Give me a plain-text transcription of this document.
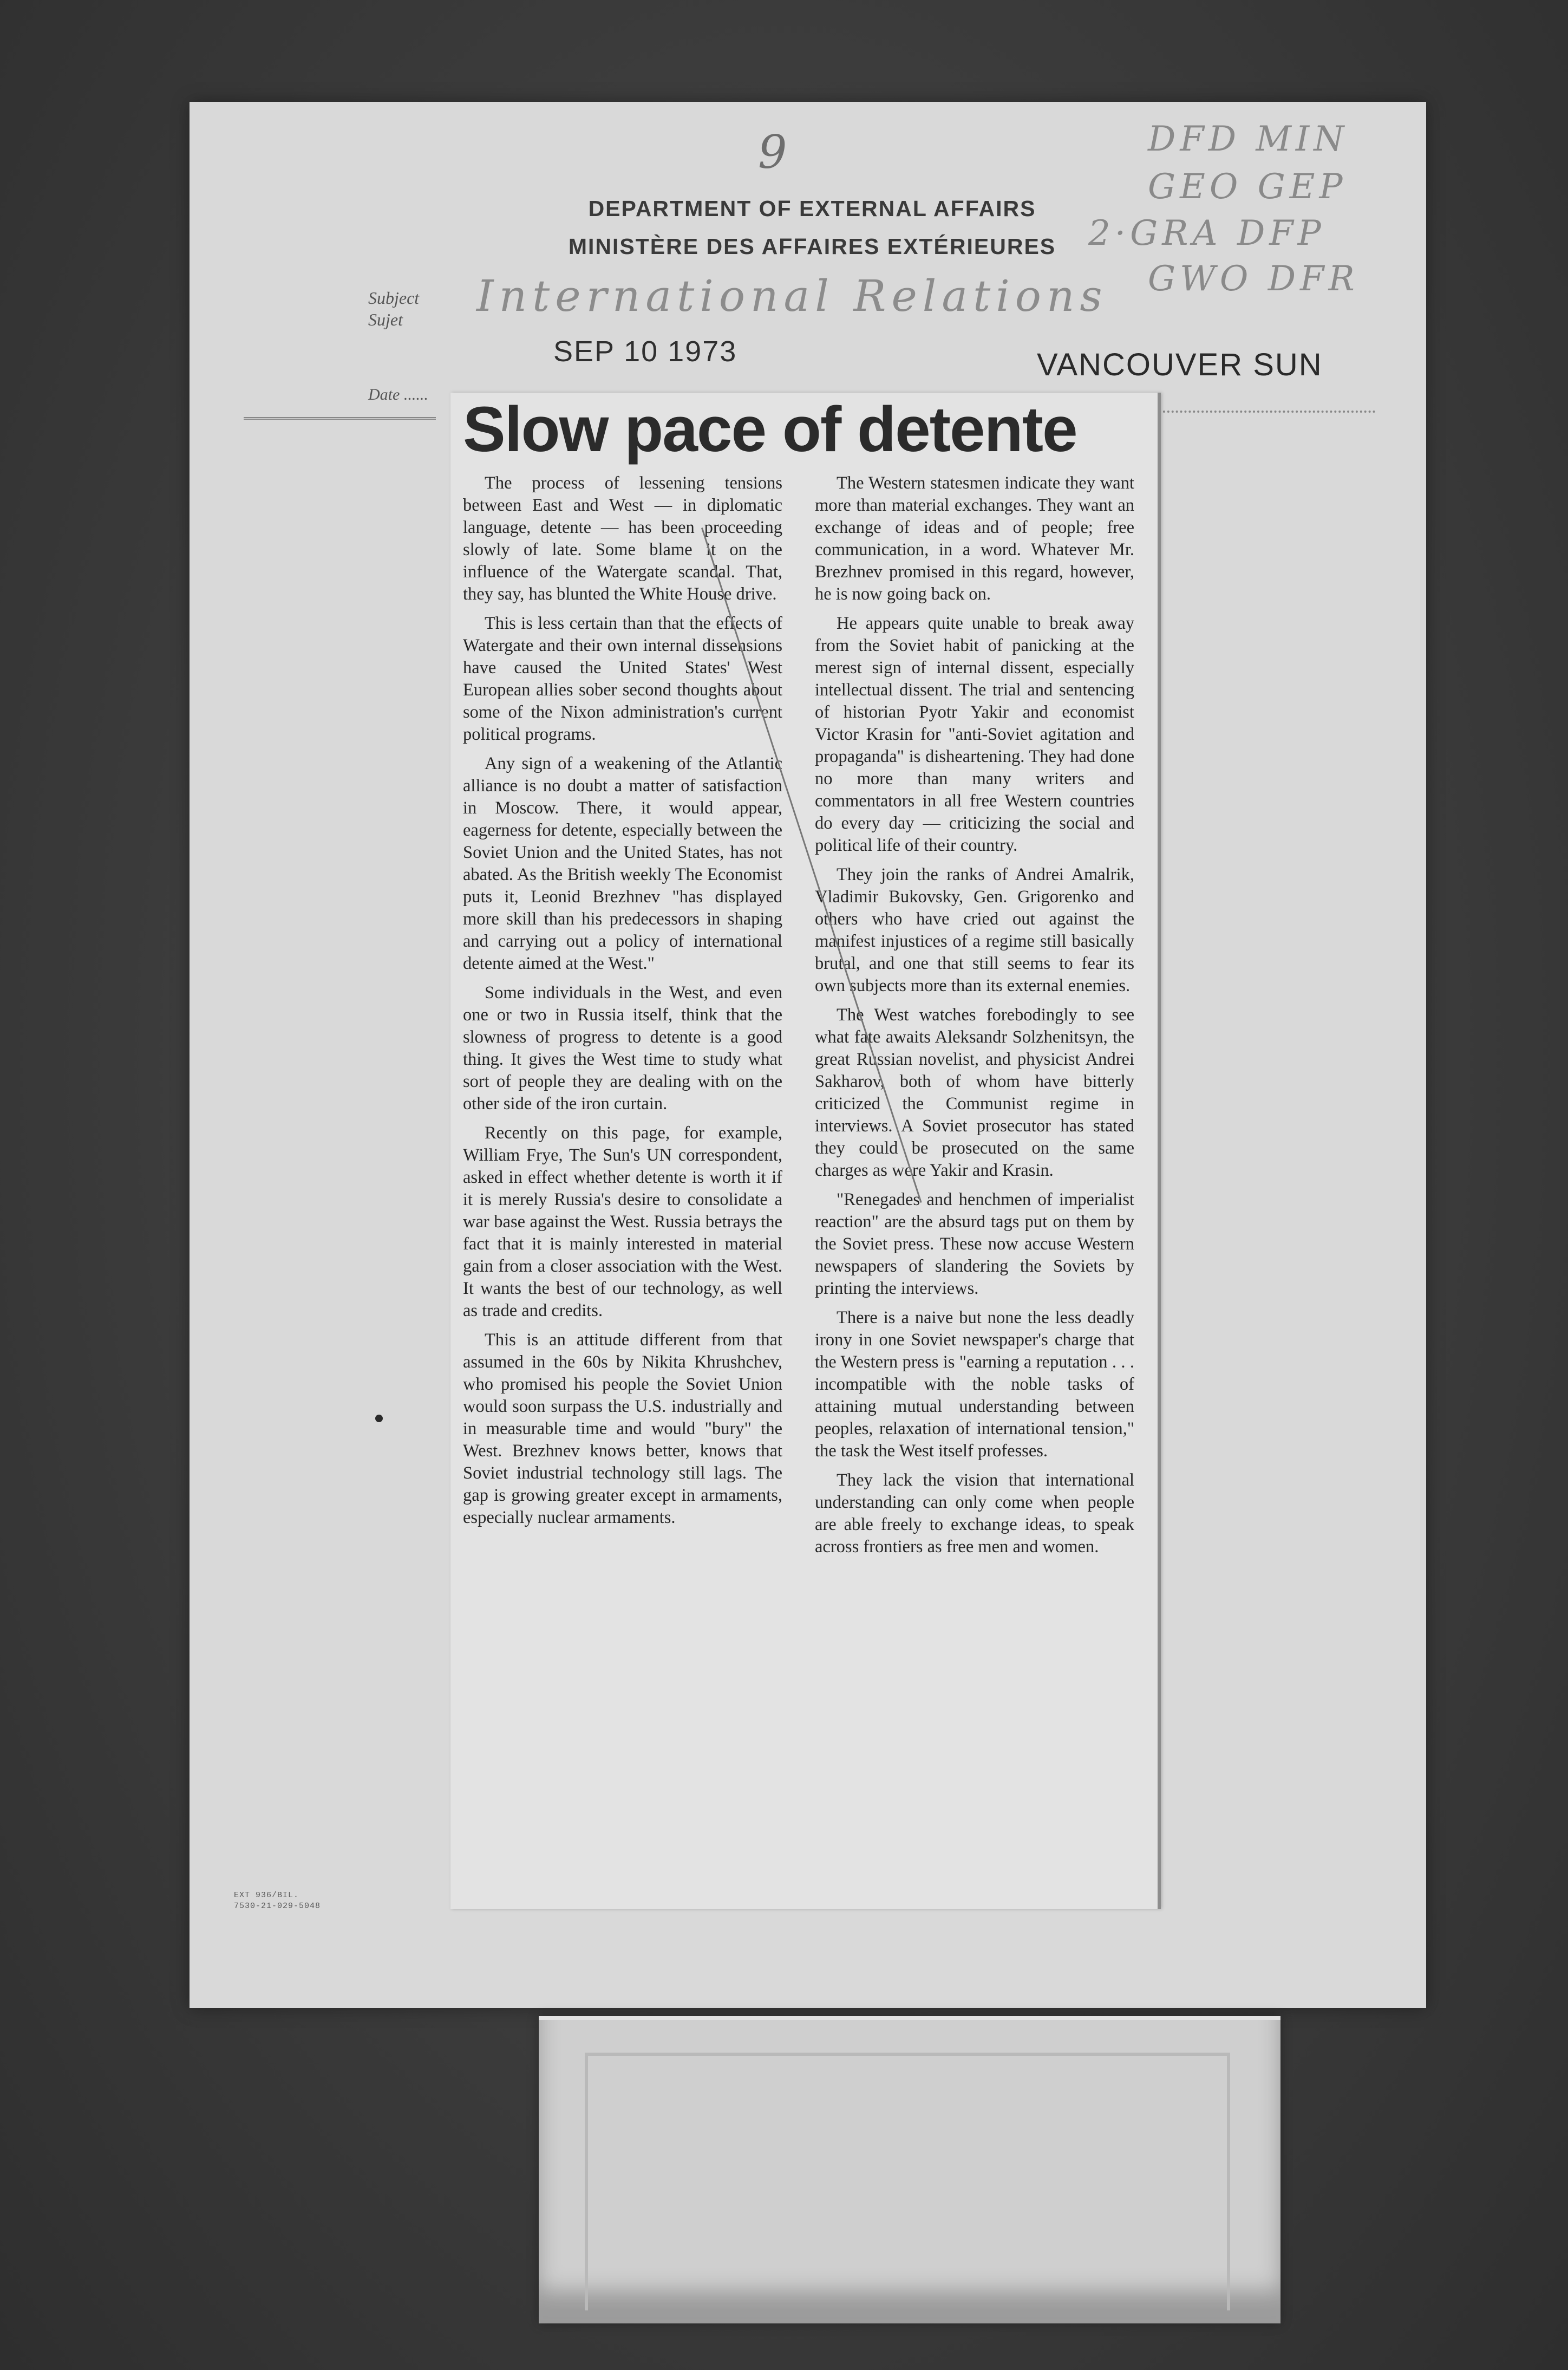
9
DEPARTMENT OF EXTERNAL AFFAIRS
MINISTÈRE DES AFFAIRES EXTÉRIEURES
DFD MIN
GEO GEP
2·GRA DFP
GWO DFR
Subject
Sujet	International Relations
SEP 10 1973	VANCOUVER SUN
Date ...... Slow pace of detente

The process of lessening tensions between East and West — in diplomatic language, detente — has been proceeding slowly of late. Some blame it on the influence of the Watergate scandal. That, they say, has blunted the White House drive.

This is less certain than that the effects of Watergate and their own internal dissensions have caused the United States' West European allies sober second thoughts about some of the Nixon administration's current political programs.

Any sign of a weakening of the Atlantic alliance is no doubt a matter of satisfaction in Moscow. There, it would appear, eagerness for detente, especially between the Soviet Union and the United States, has not abated. As the British weekly The Economist puts it, Leonid Brezhnev "has displayed more skill than his predecessors in shaping and carrying out a policy of international detente aimed at the West."

Some individuals in the West, and even one or two in Russia itself, think that the slowness of progress to detente is a good thing. It gives the West time to study what sort of people they are dealing with on the other side of the iron curtain.

Recently on this page, for example, William Frye, The Sun's UN correspondent, asked in effect whether detente is worth it if it is merely Russia's desire to consolidate a war base against the West. Russia betrays the fact that it is mainly interested in material gain from a closer association with the West. It wants the best of our technology, as well as trade and credits.

This is an attitude different from that assumed in the 60s by Nikita Khrushchev, who promised his people the Soviet Union would soon surpass the U.S. industrially and in measurable time and would "bury" the West. Brezhnev knows better, knows that Soviet industrial technology still lags. The gap is growing greater except in armaments, especially nuclear armaments.

The Western statesmen indicate they want more than material exchanges. They want an exchange of ideas and of people; free communication, in a word. Whatever Mr. Brezhnev promised in this regard, however, he is now going back on.

He appears quite unable to break away from the Soviet habit of panicking at the merest sign of internal dissent, especially intellectual dissent. The trial and sentencing of historian Pyotr Yakir and economist Victor Krasin for "anti-Soviet agitation and propaganda" is disheartening. They had done no more than many writers and commentators in all free Western countries do every day — criticizing the social and political life of their country.

They join the ranks of Andrei Amalrik, Vladimir Bukovsky, Gen. Grigorenko and others who have cried out against the manifest injustices of a regime still basically brutal, and one that still seems to fear its own subjects more than its external enemies.

The West watches forebodingly to see what fate awaits Aleksandr Solzhenitsyn, the great Russian novelist, and physicist Andrei Sakharov, both of whom have bitterly criticized the Communist regime in interviews. A Soviet prosecutor has stated they could be prosecuted on the same charges as were Yakir and Krasin.

"Renegades and henchmen of imperialist reaction" are the absurd tags put on them by the Soviet press. These now accuse Western newspapers of slandering the Soviets by printing the interviews.

There is a naive but none the less deadly irony in one Soviet newspaper's charge that the Western press is "earning a reputation . . . incompatible with the noble tasks of attaining mutual understanding between peoples, relaxation of international tension," the task the West itself professes.

They lack the vision that international understanding can only come when people are able freely to exchange ideas, to speak across frontiers as free men and women.

EXT 936/BIL.
7530-21-029-5048
